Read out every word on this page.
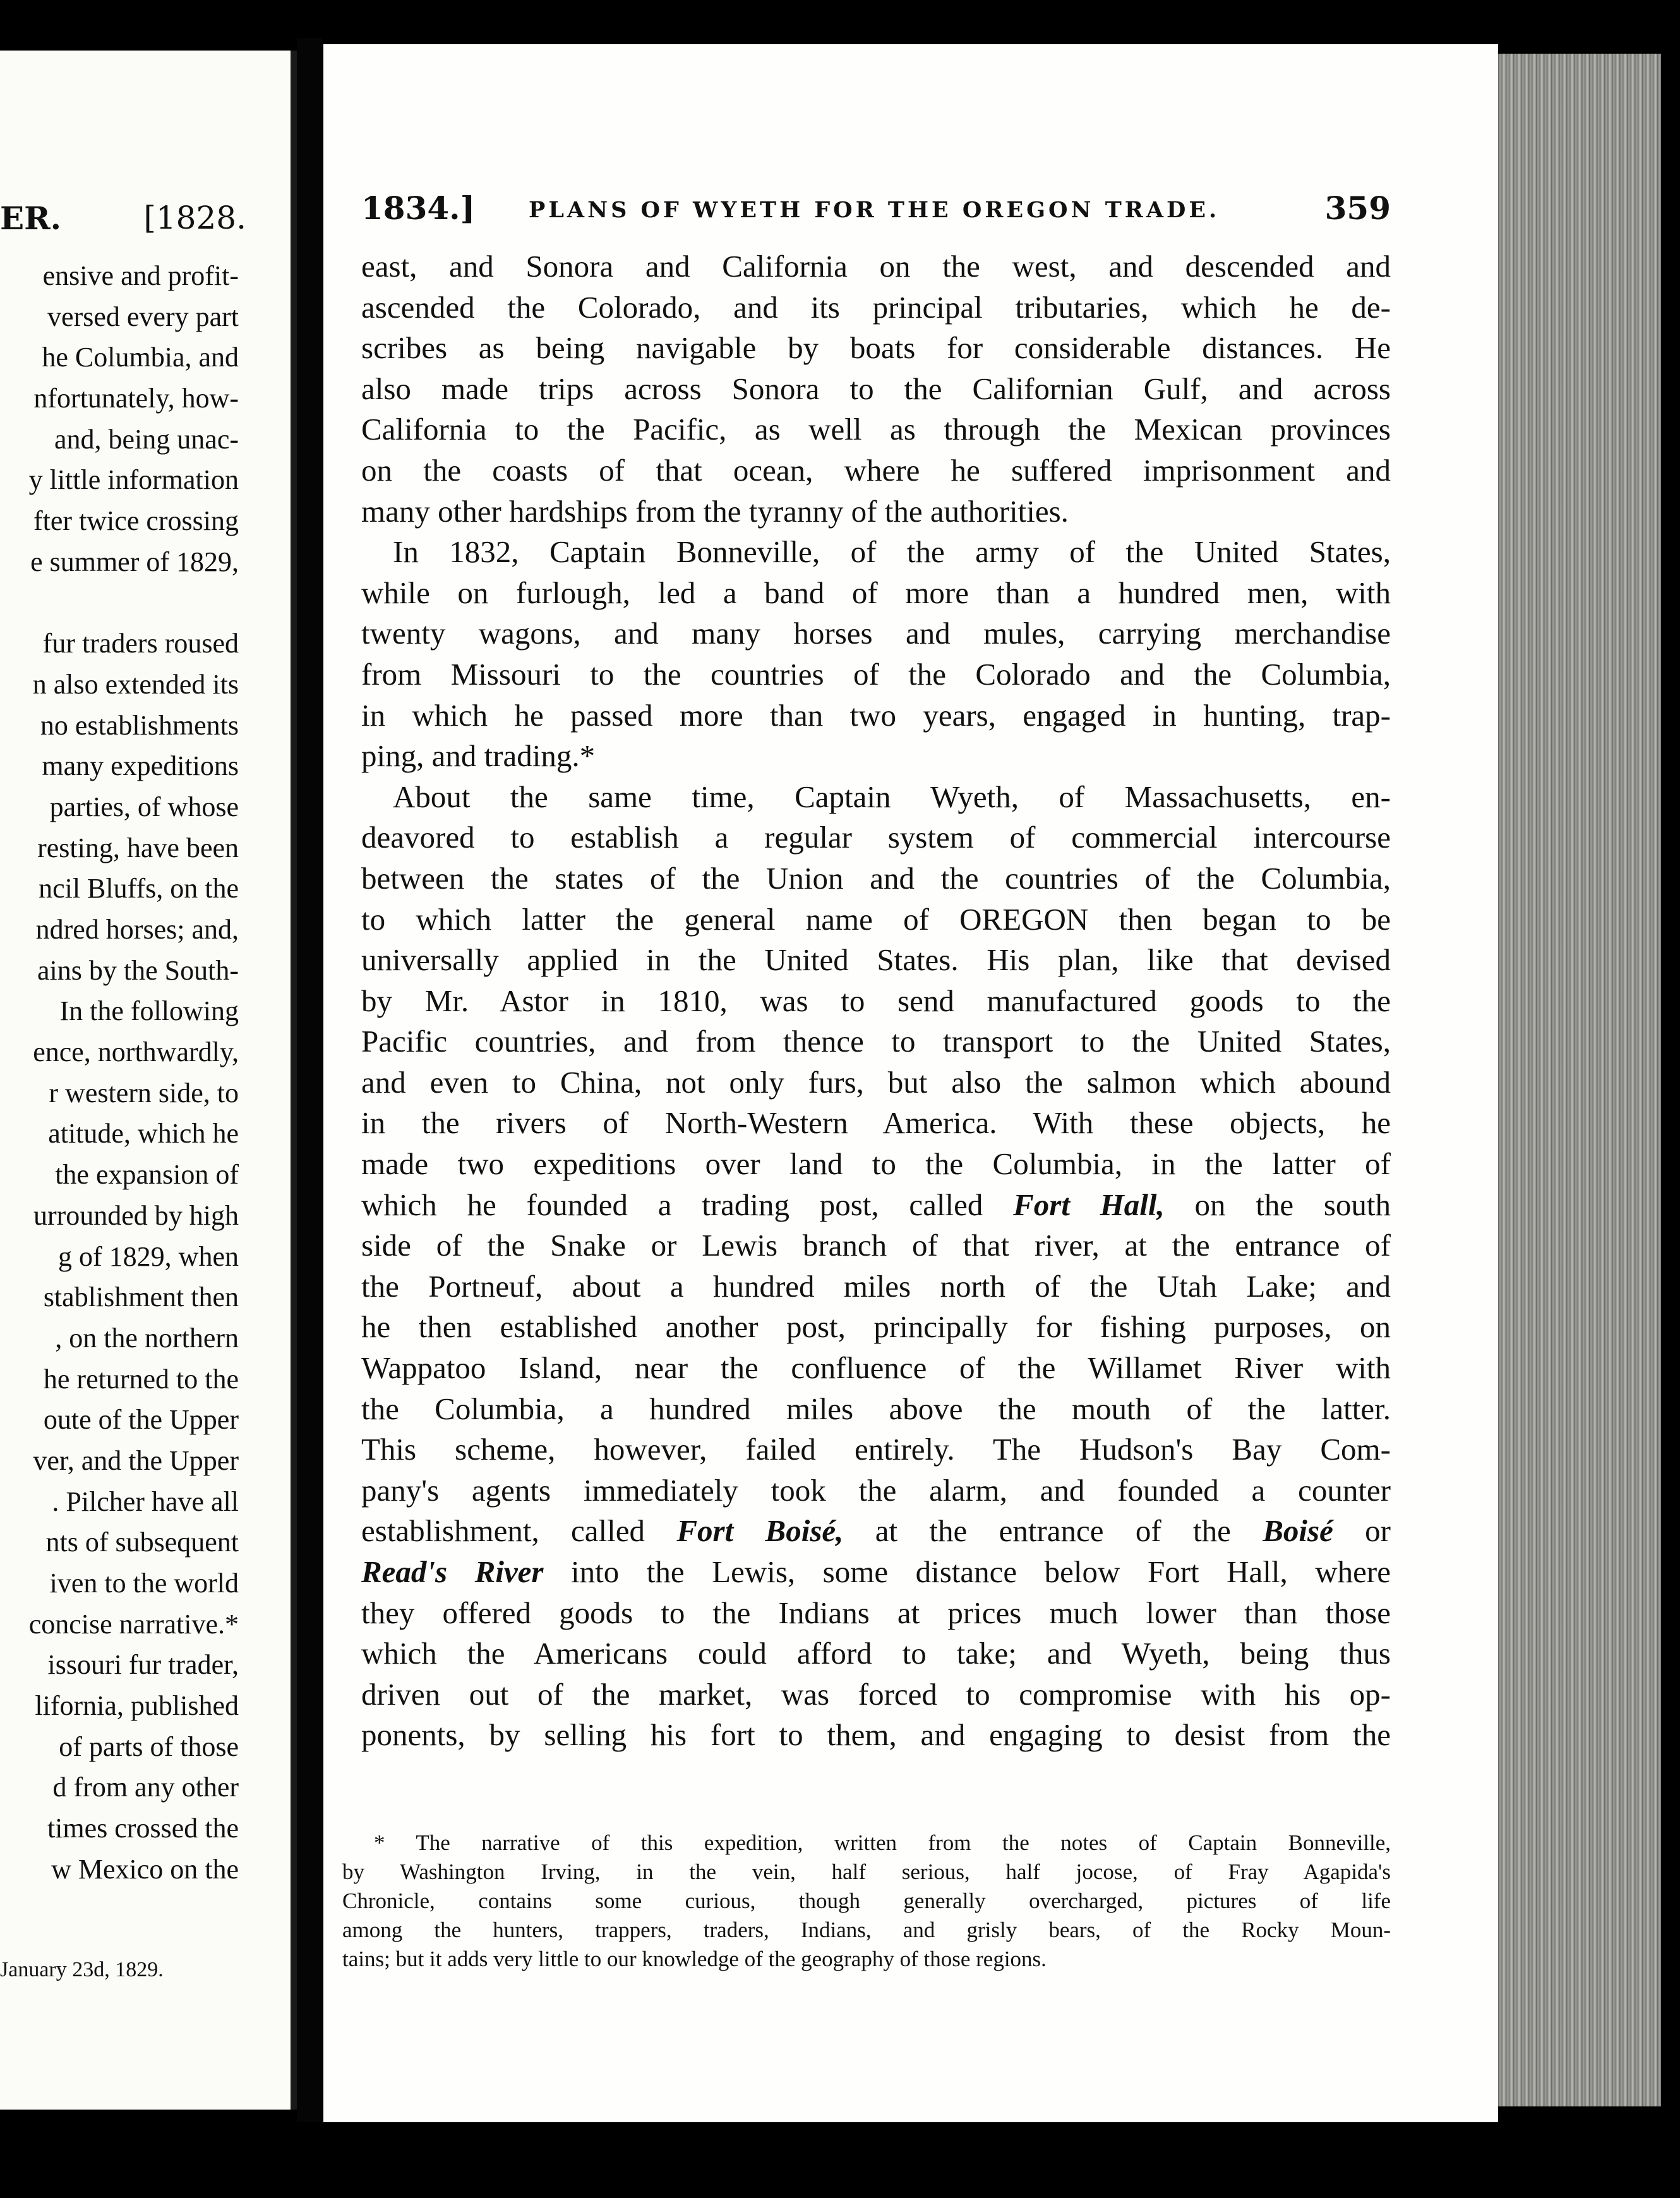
ER.	[1828.
ensive and profit-
versed every part
he Columbia, and
nfortunately, how-
and, being unac-
y little information
fter twice crossing
e summer of 1829,
fur traders roused
n also extended its
no establishments
many expeditions
parties, of whose
resting, have been
ncil Bluffs, on the
ndred horses; and,
ains by the South-
In the following
ence, northwardly,
r western side, to
atitude, which he
the expansion of
urrounded by high
g of 1829, when
stablishment then
, on the northern
he returned to the
oute of the Upper
ver, and the Upper
. Pilcher have all
nts of subsequent
iven to the world
concise narrative.*
issouri fur trader,
lifornia, published
of parts of those
d from any other
times crossed the
w Mexico on the
January 23d, 1829.
1834.] PLANS OF WYETH FOR THE OREGON TRADE.	359
east, and Sonora and California on the west, and descended and
ascended the Colorado, and its principal tributaries, which he de-
scribes as being navigable by boats for considerable distances. He
also made trips across Sonora to the Californian Gulf, and across
California to the Pacific, as well as through the Mexican provinces
on the coasts of that ocean, where he suffered imprisonment and
many other hardships from the tyranny of the authorities.
In 1832, Captain Bonneville, of the army of the United States,
while on furlough, led a band of more than a hundred men, with
twenty wagons, and many horses and mules, carrying merchandise
from Missouri to the countries of the Colorado and the Columbia,
in which he passed more than two years, engaged in hunting, trap-
ping, and trading.*
About the same time, Captain Wyeth, of Massachusetts, en-
deavored to establish a regular system of commercial intercourse
between the states of the Union and the countries of the Columbia,
to which latter the general name of OREGON then began to be
universally applied in the United States. His plan, like that devised
by Mr. Astor in 1810, was to send manufactured goods to the
Pacific countries, and from thence to transport to the United States,
and even to China, not only furs, but also the salmon which abound
in the rivers of North-Western America. With these objects, he
made two expeditions over land to the Columbia, in the latter of
which he founded a trading post, called Fort Hall, on the south
side of the Snake or Lewis branch of that river, at the entrance of
the Portneuf, about a hundred miles north of the Utah Lake; and
he then established another post, principally for fishing purposes, on
Wappatoo Island, near the confluence of the Willamet River with
the Columbia, a hundred miles above the mouth of the latter.
This scheme, however, failed entirely. The Hudson's Bay Com-
pany's agents immediately took the alarm, and founded a counter
establishment, called Fort Boisé, at the entrance of the Boisé or
Read's River into the Lewis, some distance below Fort Hall, where
they offered goods to the Indians at prices much lower than those
which the Americans could afford to take; and Wyeth, being thus
driven out of the market, was forced to compromise with his op-
ponents, by selling his fort to them, and engaging to desist from the
* The narrative of this expedition, written from the notes of Captain Bonneville,
by Washington Irving, in the vein, half serious, half jocose, of Fray Agapida's
Chronicle, contains some curious, though generally overcharged, pictures of life
among the hunters, trappers, traders, Indians, and grisly bears, of the Rocky Moun-
tains; but it adds very little to our knowledge of the geography of those regions.
